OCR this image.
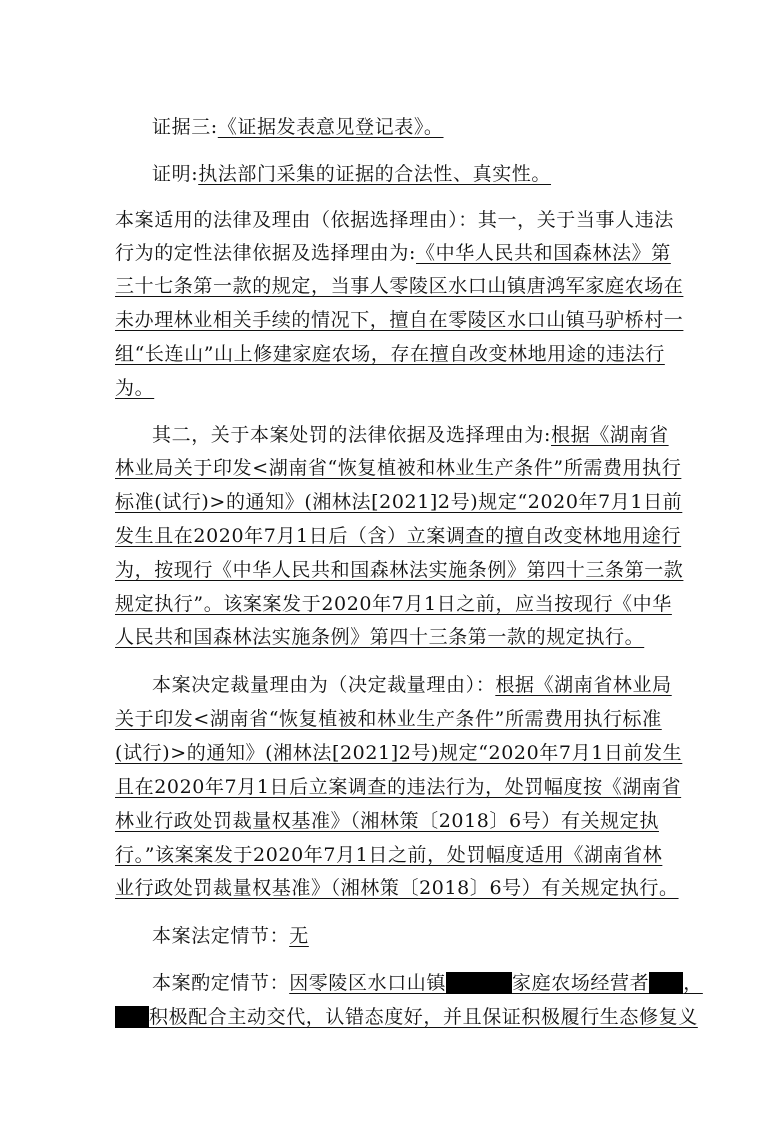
证据三:《证据发表意见登记表》。
证明:执法部门采集的证据的合法性、真实性。
本案适用的法律及理由（依据选择理由）：其一，关于当事人违法
行为的定性法律依据及选择理由为:《中华人民共和国森林法》第
三十七条第一款的规定，当事人零陵区水口山镇唐鸿军家庭农场在
未办理林业相关手续的情况下，擅自在零陵区水口山镇马驴桥村一
组“长连山”山上修建家庭农场，存在擅自改变林地用途的违法行
为。
其二，关于本案处罚的法律依据及选择理由为:根据《湖南省
林业局关于印发<湖南省“恢复植被和林业生产条件”所需费用执行
标准(试行)>的通知》(湘林法[2021]2号)规定“2020年7月1日前
发生且在2020年7月1日后（含）立案调查的擅自改变林地用途行
为，按现行《中华人民共和国森林法实施条例》第四十三条第一款
规定执行”。该案案发于2020年7月1日之前，应当按现行《中华
人民共和国森林法实施条例》第四十三条第一款的规定执行。
本案决定裁量理由为（决定裁量理由）：根据《湖南省林业局
关于印发<湖南省“恢复植被和林业生产条件”所需费用执行标准
(试行)>的通知》(湘林法[2021]2号)规定“2020年7月1日前发生
且在2020年7月1日后立案调查的违法行为，处罚幅度按《湖南省
林业行政处罚裁量权基准》（湘林策〔2018〕6号）有关规定执
行。”该案案发于2020年7月1日之前，处罚幅度适用《湖南省林
业行政处罚裁量权基准》（湘林策〔2018〕6号）有关规定执行。
本案法定情节：无
本案酌定情节：因零陵区水口山镇	家庭农场经营者 ，
积极配合主动交代，认错态度好，并且保证积极履行生态修复义
